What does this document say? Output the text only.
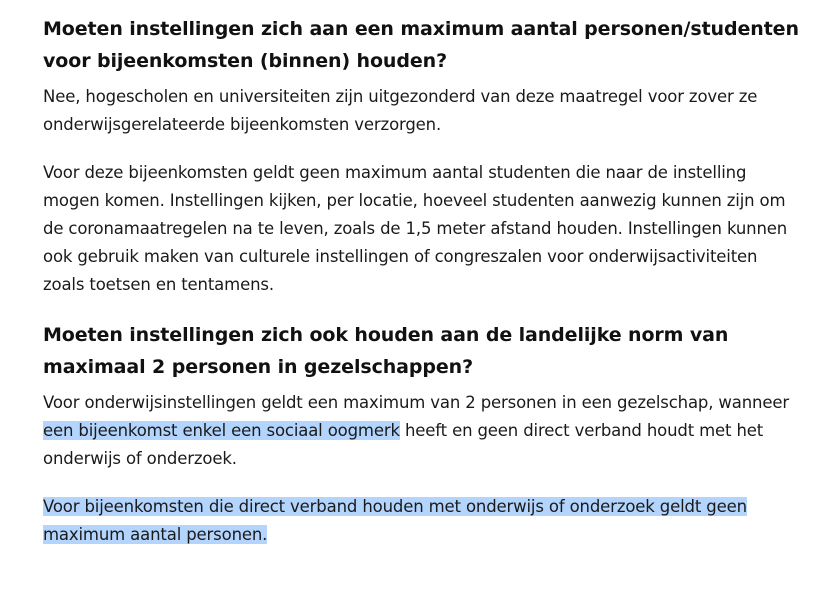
Moeten instellingen zich aan een maximum aantal personen/studenten voor bijeenkomsten (binnen) houden?

Nee, hogescholen en universiteiten zijn uitgezonderd van deze maatregel voor zover ze onderwijsgerelateerde bijeenkomsten verzorgen.

Voor deze bijeenkomsten geldt geen maximum aantal studenten die naar de instelling mogen komen. Instellingen kijken, per locatie, hoeveel studenten aanwezig kunnen zijn om de coronamaatregelen na te leven, zoals de 1,5 meter afstand houden. Instellingen kunnen ook gebruik maken van culturele instellingen of congreszalen voor onderwijsactiviteiten zoals toetsen en tentamens.

Moeten instellingen zich ook houden aan de landelijke norm van maximaal 2 personen in gezelschappen?

Voor onderwijsinstellingen geldt een maximum van 2 personen in een gezelschap, wanneer een bijeenkomst enkel een sociaal oogmerk heeft en geen direct verband houdt met het onderwijs of onderzoek.

Voor bijeenkomsten die direct verband houden met onderwijs of onderzoek geldt geen maximum aantal personen.
